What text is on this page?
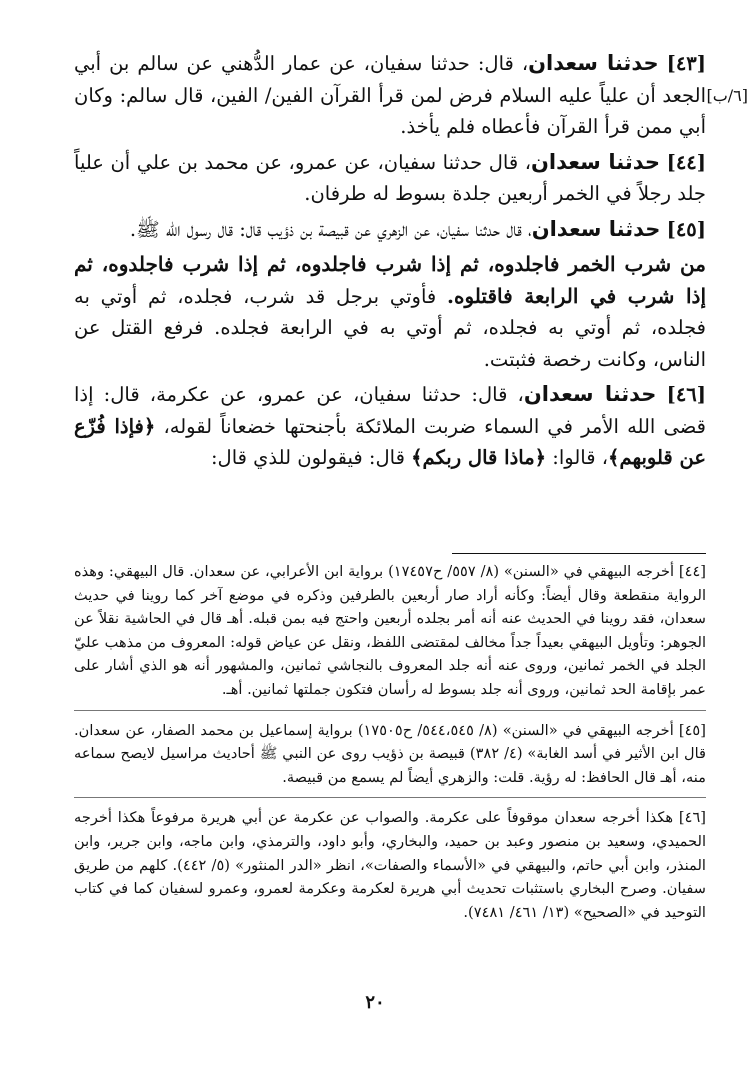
[٦/ب]

[٤٣] حدثنا سعدان، قال: حدثنا سفيان، عن عمار الدُّهني عن سالم بن أبي الجعد أن علياً عليه السلام فرض لمن قرأ القرآن الفين/ الفين، قال سالم: وكان أبي ممن قرأ القرآن فأعطاه فلم يأخذ.

[٤٤] حدثنا سعدان، قال حدثنا سفيان، عن عمرو، عن محمد بن علي أن علياً جلد رجلاً في الخمر أربعين جلدة بسوط له طرفان.

[٤٥] حدثنا سعدان، قال حدثنا سفيان، عن الزهري عن قبيصة بن ذؤيب قال: قال رسول الله ﷺ.

من شرب الخمر فاجلدوه، ثم إذا شرب فاجلدوه، ثم إذا شرب فاجلدوه، ثم إذا شرب في الرابعة فاقتلوه. فأوتي برجل قد شرب، فجلده، ثم أوتي به فجلده، ثم أوتي به فجلده، ثم أوتي به في الرابعة فجلده. فرفع القتل عن الناس، وكانت رخصة فثبتت.

[٤٦] حدثنا سعدان، قال: حدثنا سفيان، عن عمرو، عن عكرمة، قال: إذا قضى الله الأمر في السماء ضربت الملائكة بأجنحتها خضعاناً لقوله، ﴿فإذا فُزّع عن قلوبهم﴾، قالوا: ﴿ماذا قال ربكم﴾ قال: فيقولون للذي قال:

[٤٤] أخرجه البيهقي في «السنن» (٨/ ٥٥٧/ ح١٧٤٥٧) برواية ابن الأعرابي، عن سعدان. قال البيهقي: وهذه الرواية منقطعة وقال أيضاً: وكأنه أراد صار أربعين بالطرفين وذكره في موضع آخر كما روينا في حديث سعدان، فقد روينا في الحديث عنه أنه أمر بجلده أربعين واحتج فيه بمن قبله. أهـ قال في الحاشية نقلاً عن الجوهر: وتأويل البيهقي بعيداً جداً مخالف لمقتضى اللفظ، ونقل عن عياض قوله: المعروف من مذهب عليّ الجلد في الخمر ثمانين، وروى عنه أنه جلد المعروف بالنجاشي ثمانين، والمشهور أنه هو الذي أشار على عمر بإقامة الحد ثمانين، وروى أنه جلد بسوط له رأسان فتكون جملتها ثمانين. أهـ.

[٤٥] أخرجه البيهقي في «السنن» (٨/ ٥٤٤،٥٤٥/ ح١٧٥٠٥) برواية إسماعيل بن محمد الصفار، عن سعدان. قال ابن الأثير في أسد الغابة» (٤/ ٣٨٢) قبيصة بن ذؤيب روى عن النبي ﷺ أحاديث مراسيل لايصح سماعه منه، أهـ قال الحافظ: له رؤية. قلت: والزهري أيضاً لم يسمع من قبيصة.

[٤٦] هكذا أخرجه سعدان موقوفاً على عكرمة. والصواب عن عكرمة عن أبي هريرة مرفوعاً هكذا أخرجه الحميدي، وسعيد بن منصور وعبد بن حميد، والبخاري، وأبو داود، والترمذي، وابن ماجه، وابن جرير، وابن المنذر، وابن أبي حاتم، والبيهقي في «الأسماء والصفات»، انظر «الدر المنثور» (٥/ ٤٤٢). كلهم من طريق سفيان. وصرح البخاري باستثبات تحديث أبي هريرة لعكرمة وعكرمة لعمرو، وعمرو لسفيان كما في كتاب التوحيد في «الصحيح» (١٣/ ٤٦١/ ٧٤٨١).

٢٠
